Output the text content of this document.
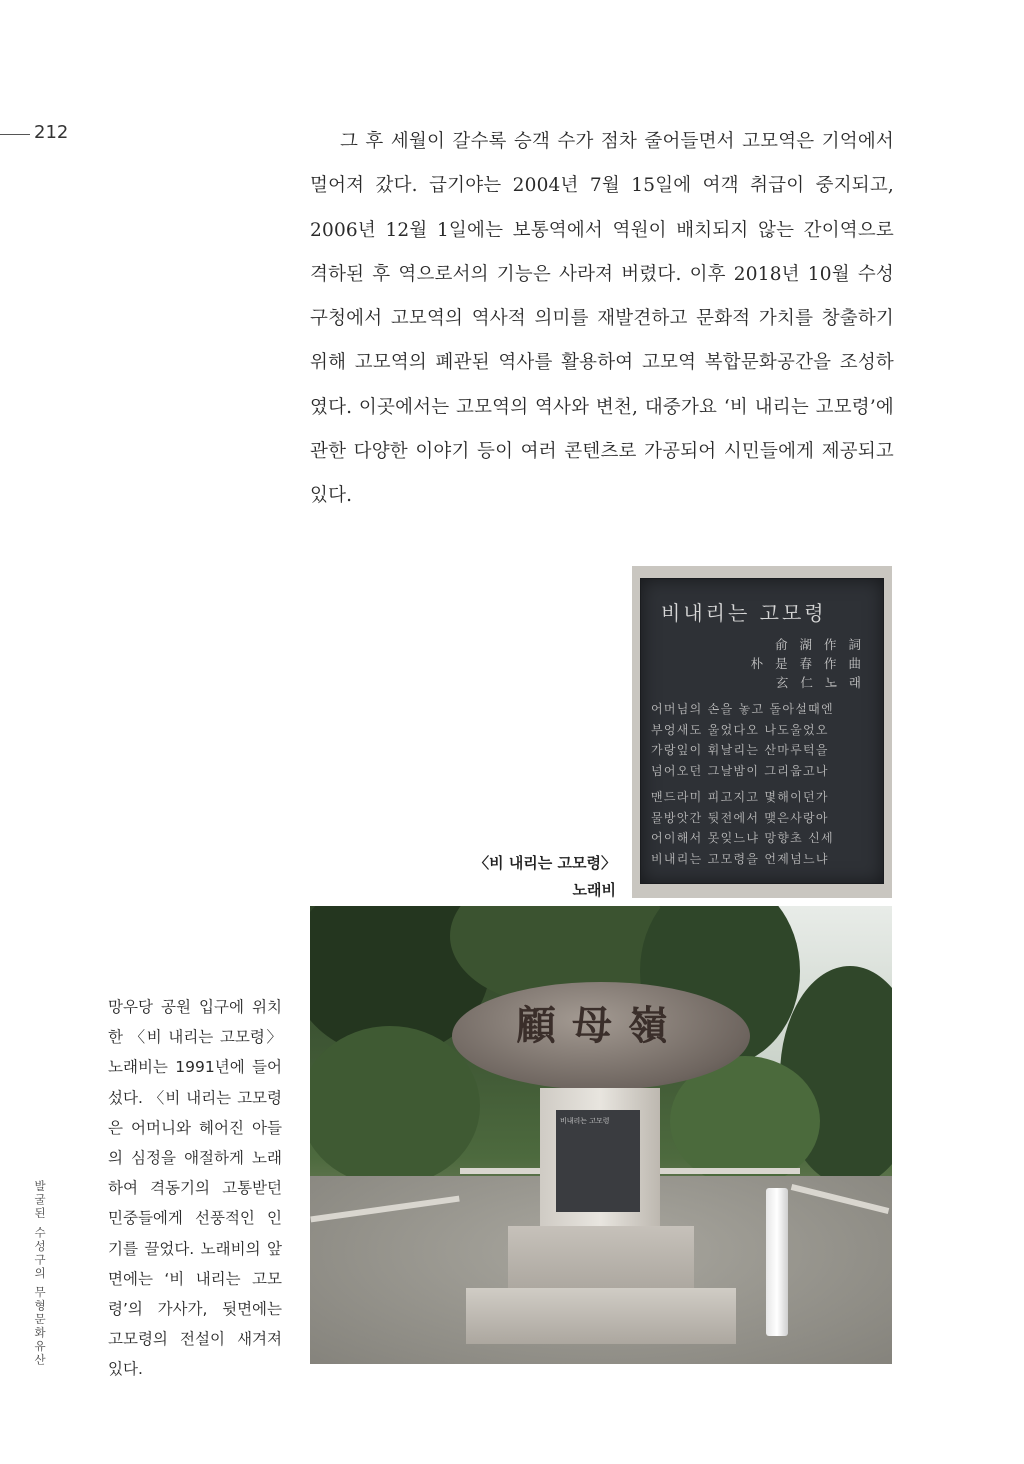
212	그 후 세월이 갈수록 승객 수가 점차 줄어들면서 고모역은 기억에서 멀어져 갔다. 급기야는 2004년 7월 15일에 여객 취급이 중지되고, 2006년 12월 1일에는 보통역에서 역원이 배치되지 않는 간이역으로 격하된 후 역으로서의 기능은 사라져 버렸다. 이후 2018년 10월 수성구청에서 고모역의 역사적 의미를 재발견하고 문화적 가치를 창출하기 위해 고모역의 폐관된 역사를 활용하여 고모역 복합문화공간을 조성하였다. 이곳에서는 고모역의 역사와 변천, 대중가요 ‘비 내리는 고모령’에 관한 다양한 이야기 등이 여러 콘텐츠로 가공되어 시민들에게 제공되고 있다.

비내리는 고모령
俞 湖 作 詞
朴 是 春 作 曲
玄 仁 노 래
어머님의 손을 놓고 돌아설때엔
부엉새도 울었다오 나도울었오
가랑잎이 휘날리는 산마루턱을
넘어오던 그날밤이 그리웁고나
맨드라미 피고지고 몇해이던가
물방앗간 뒷전에서 맺은사랑아
어이해서 못잊느냐 망향초 신세
비내리는 고모령을 언제넘느냐
〈비 내리는 고모령〉
노래비
顧母嶺
비내리는 고모령
망우당 공원 입구에 위치한 〈비 내리는 고모령〉 노래비는 1991년에 들어섰다. 〈비 내리는 고모령은 어머니와 헤어진 아들의 심정을 애절하게 노래하여 격동기의 고통받던 민중들에게 선풍적인 인기를 끌었다. 노래비의 앞면에는 ‘비 내리는 고모령’의 가사가, 뒷면에는 고모령의 전설이 새겨져 있다.
발굴된 수성구의 무형문화유산
